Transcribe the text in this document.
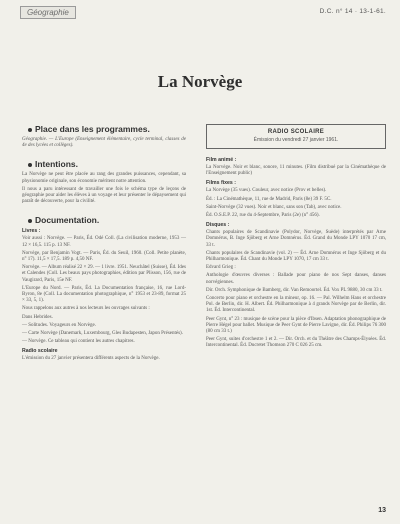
Géographie	D.C. n° 14 · 13-1-61.
La Norvège
Place dans les programmes.

Géographie. — L'Europe (Enseignement élémentaire, cycle terminal, classes de 4e des lycées et collèges).

Intentions.

La Norvège ne peut être placée au rang des grandes puissances, cependant, sa physionomie originale, son économie méritent notre attention.

Il nous a paru intéressant de travailler une fois le schéma type de leçons de géographie pour aider les élèves à un voyage et leur présenter le dépaysement qui paraît de découverte, pour la civilité.

Documentation.
Livres :

Voir aussi : Norvège. — Paris, Éd. Odé Coll. (La civilisation moderne, 1953 — 12 × 16,5. 115 p. 13 NF.

Norvège, par Benjamin Vogt. — Paris, Éd. du Seuil, 1960. (Coll. Petite planète, n° 17). 11,5 × 17,5. 189 p. 4,50 NF.

Norvège. — Album réalisé 22 × 29. — 1 livre. 1951. Neuchâtel (Suisse), Éd. Ides et Calendes (Coll. Les beaux pays photographies, édition par Plisson, 156, rue de Vaugirard, Paris, 15e NF.

L'Europe du Nord. — Paris, Éd. La Documentation française, 16, rue Lord-Byron, 8e (Coll. La documentation photographique, n° 1953 et 23-89, format 25 × 33, 5, 1).

Nous rappelons aux autres à nos lecteurs les ouvrages suivants :

Dans Hebrides.

— Solitudes. Voyageurs en Norvège.

— Carte Norvège (Danemark, Luxembourg, Gles Budapesten, Japon Présentés).

— Norvège. Ce tableau qui contient les autres chapitres.

Radio scolaire

L'émission du 27 janvier présentera différents aspects de la Norvège.

RADIO SCOLAIRE
Émission du vendredi 27 janvier 1961.
Film animé :

La Norvège. Noir et blanc, sonore, 11 minutes. (Film distribué par la Cinémathèque de l'Enseignement public)

Films fixes :

La Norvège (35 vues). Couleur, avec notice (Prov et belles).

Éd. : La Cinémathèque, 11, rue de Madrid, Paris (8e) 39 F. 5C.

Saint-Norvège (32 vues). Noir et blanc, sans son (Tab), avec notice.

Éd. O.S.E.P. 22, rue du 4-Septembre, Paris (2e) (n° 456).

Disques :

Chants populaires de Scandinavie (Polydor, Norvège, Suède) interprétés par Arne Domnérus, B. Inge Sjöberg et Arne Domnérus. Éd. Grand du Monde LPY 1070 17 cm, 33 t.

Chants populaires de Scandinavie (vol. 2) — Éd. Arne Domnérus et Inge Sjöberg et du Philharmonique. Éd. Chant du Monde LPY 1070, 17 cm 33 t.

Edvard Grieg :

Anthologie d'œuvres diverses : Ballade pour piano de nos Sept danses, danses norvégiennes.

Dir. Orch. Symphonique de Bamberg, dir. Van Remoortel. Éd. Vox PL 9880, 30 cm 33 t.

Concerto pour piano et orchestre en la mineur, op. 16. — Pal. Wilhelm Hans et orchestre Pol. de Berlin, dir. H. Albert. Éd. Philharmonique à 4 grands Norvège par de Berlin, dir. 1st. Éd. Intercontinental.

Peer Gynt, n° 23 : musique de scène pour la pièce d'Ibsen. Adaptation phonographique de Pierre Hégel pour ballet. Musique de Peer Gynt de Pierre Lavigne, dir. Éd. Philips 76 300 (80 cm 33 t.)

Peer Gynt, suites d'orchestre 1 et 2. — Dir. Orch. et du Théâtre des Champs-Élysées. Éd. Intercontinental. Éd. Ducretet Thomson 270 C 026 25 cm.

13
